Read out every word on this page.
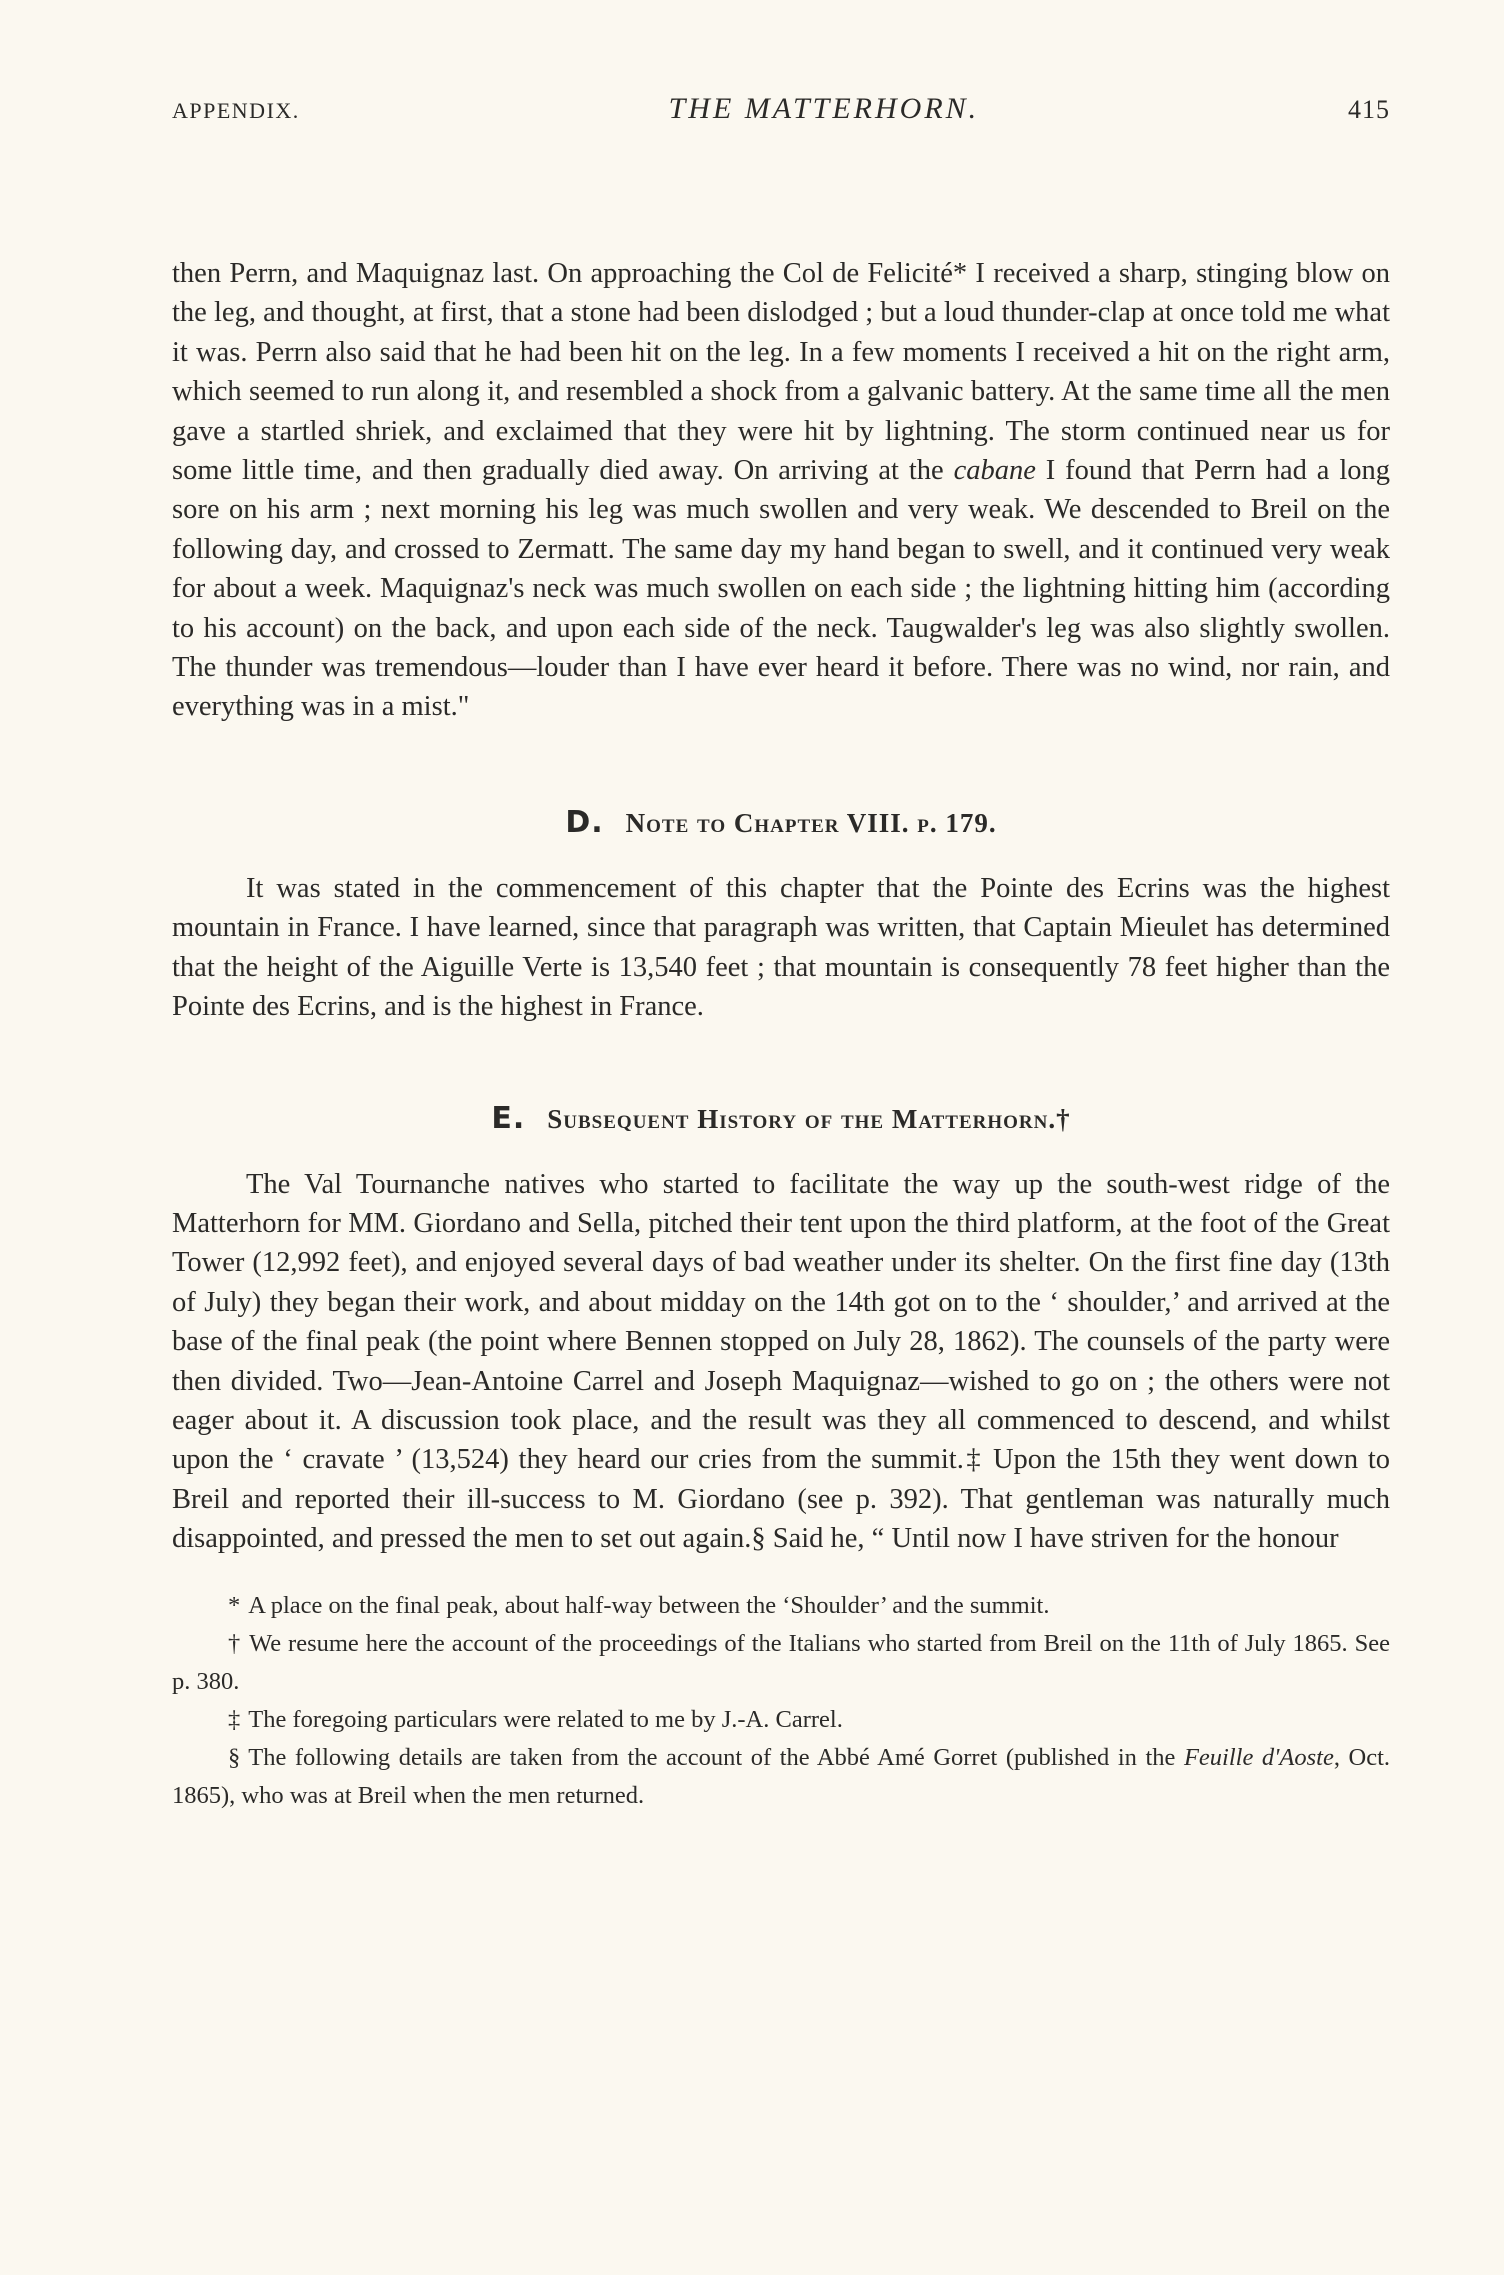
APPENDIX.	THE MATTERHORN.	415

then Perrn, and Maquignaz last. On approaching the Col de Felicité* I received a sharp, stinging blow on the leg, and thought, at first, that a stone had been dislodged ; but a loud thunder-clap at once told me what it was. Perrn also said that he had been hit on the leg. In a few moments I received a hit on the right arm, which seemed to run along it, and resembled a shock from a galvanic battery. At the same time all the men gave a startled shriek, and exclaimed that they were hit by lightning. The storm continued near us for some little time, and then gradually died away. On arriving at the cabane I found that Perrn had a long sore on his arm ; next morning his leg was much swollen and very weak. We descended to Breil on the following day, and crossed to Zermatt. The same day my hand began to swell, and it continued very weak for about a week. Maquignaz's neck was much swollen on each side ; the lightning hitting him (according to his account) on the back, and upon each side of the neck. Taugwalder's leg was also slightly swollen. The thunder was tremendous—louder than I have ever heard it before. There was no wind, nor rain, and everything was in a mist."

D. Note to Chapter VIII. p. 179.

It was stated in the commencement of this chapter that the Pointe des Ecrins was the highest mountain in France. I have learned, since that paragraph was written, that Captain Mieulet has determined that the height of the Aiguille Verte is 13,540 feet ; that mountain is consequently 78 feet higher than the Pointe des Ecrins, and is the highest in France.

E. Subsequent History of the Matterhorn.†

The Val Tournanche natives who started to facilitate the way up the south-west ridge of the Matterhorn for MM. Giordano and Sella, pitched their tent upon the third platform, at the foot of the Great Tower (12,992 feet), and enjoyed several days of bad weather under its shelter. On the first fine day (13th of July) they began their work, and about midday on the 14th got on to the ‘ shoulder,’ and arrived at the base of the final peak (the point where Bennen stopped on July 28, 1862). The counsels of the party were then divided. Two—Jean-Antoine Carrel and Joseph Maquignaz—wished to go on ; the others were not eager about it. A discussion took place, and the result was they all commenced to descend, and whilst upon the ‘ cravate ’ (13,524) they heard our cries from the summit.‡ Upon the 15th they went down to Breil and reported their ill-success to M. Giordano (see p. 392). That gentleman was naturally much disappointed, and pressed the men to set out again.§ Said he, “ Until now I have striven for the honour

* A place on the final peak, about half-way between the ‘Shoulder’ and the summit.

† We resume here the account of the proceedings of the Italians who started from Breil on the 11th of July 1865. See p. 380.

‡ The foregoing particulars were related to me by J.-A. Carrel.

§ The following details are taken from the account of the Abbé Amé Gorret (published in the Feuille d'Aoste, Oct. 1865), who was at Breil when the men returned.
